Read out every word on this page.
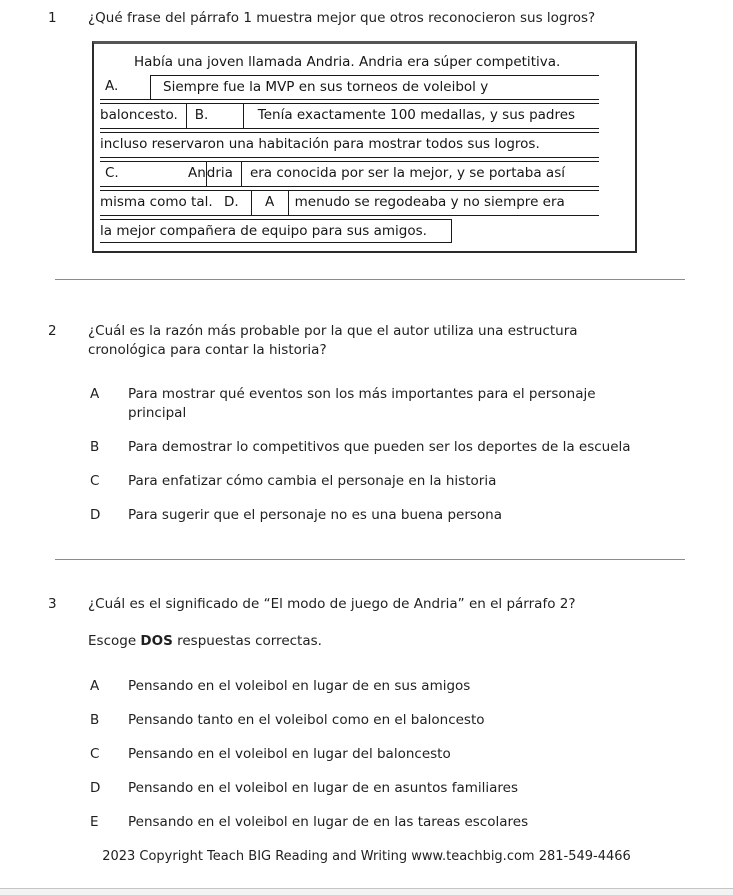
1	¿Qué frase del párrafo 1 muestra mejor que otros reconocieron sus logros?
Había una joven llamada Andria. Andria era súper competitiva.
A.	Siempre fue la MVP en sus torneos de voleibol y
baloncesto.	B.	Tenía exactamente 100 medallas, y sus padres
incluso reservaron una habitación para mostrar todos sus logros.
C.	An dria	era conocida por ser la mejor, y se portaba así
misma como tal. D.	A	menudo se regodeaba y no siempre era
la mejor compañera de equipo para sus amigos.
2	¿Cuál es la razón más probable por la que el autor utiliza una estructura
cronológica para contar la historia?
A	Para mostrar qué eventos son los más importantes para el personaje
principal
B	Para demostrar lo competitivos que pueden ser los deportes de la escuela
C	Para enfatizar cómo cambia el personaje en la historia
D	Para sugerir que el personaje no es una buena persona
3	¿Cuál es el significado de “El modo de juego de Andria” en el párrafo 2?
Escoge DOS respuestas correctas.
A	Pensando en el voleibol en lugar de en sus amigos
B	Pensando tanto en el voleibol como en el baloncesto
C	Pensando en el voleibol en lugar del baloncesto
D	Pensando en el voleibol en lugar de en asuntos familiares
E	Pensando en el voleibol en lugar de en las tareas escolares
2023 Copyright Teach BIG Reading and Writing www.teachbig.com 281-549-4466
